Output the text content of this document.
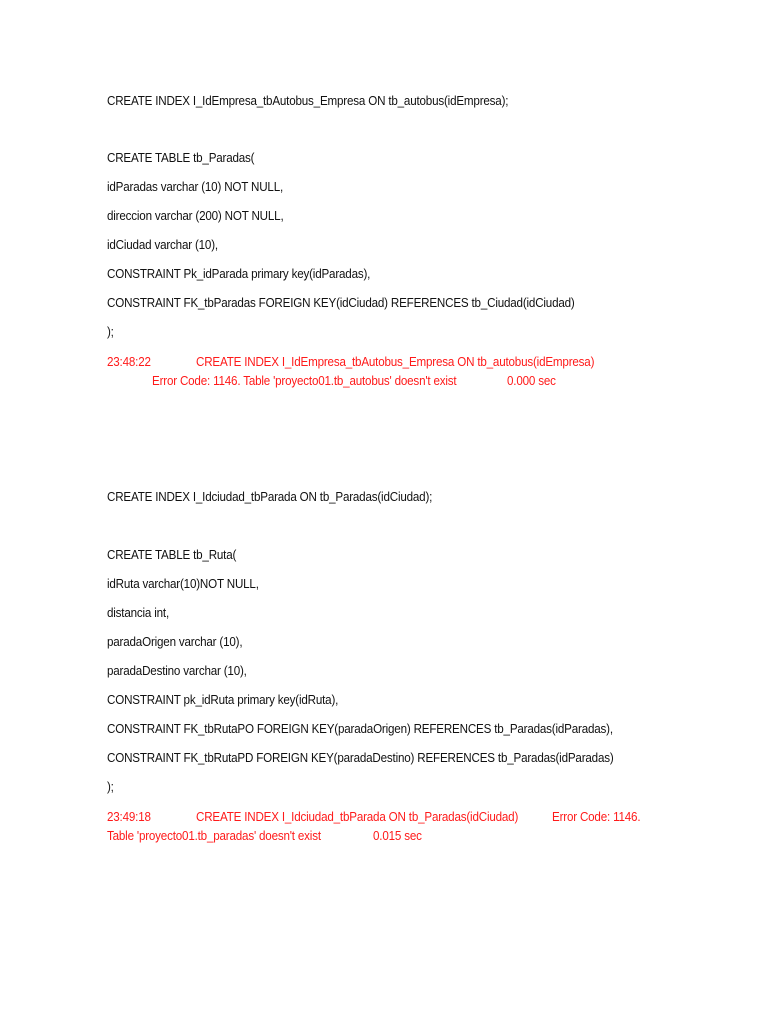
CREATE INDEX I_IdEmpresa_tbAutobus_Empresa ON tb_autobus(idEmpresa);
CREATE TABLE tb_Paradas(
idParadas varchar (10) NOT NULL,
direccion varchar (200) NOT NULL,
idCiudad varchar (10),
CONSTRAINT Pk_idParada primary key(idParadas),
CONSTRAINT FK_tbParadas FOREIGN KEY(idCiudad) REFERENCES tb_Ciudad(idCiudad)
);
23:48:22	CREATE INDEX I_IdEmpresa_tbAutobus_Empresa ON tb_autobus(idEmpresa)
Error Code: 1146. Table 'proyecto01.tb_autobus' doesn't exist	0.000 sec
CREATE INDEX I_Idciudad_tbParada ON tb_Paradas(idCiudad);
CREATE TABLE tb_Ruta(
idRuta varchar(10)NOT NULL,
distancia int,
paradaOrigen varchar (10),
paradaDestino varchar (10),
CONSTRAINT pk_idRuta primary key(idRuta),
CONSTRAINT FK_tbRutaPO FOREIGN KEY(paradaOrigen) REFERENCES tb_Paradas(idParadas),
CONSTRAINT FK_tbRutaPD FOREIGN KEY(paradaDestino) REFERENCES tb_Paradas(idParadas)
);
23:49:18	CREATE INDEX I_Idciudad_tbParada ON tb_Paradas(idCiudad)	Error Code: 1146.
Table 'proyecto01.tb_paradas' doesn't exist	0.015 sec
